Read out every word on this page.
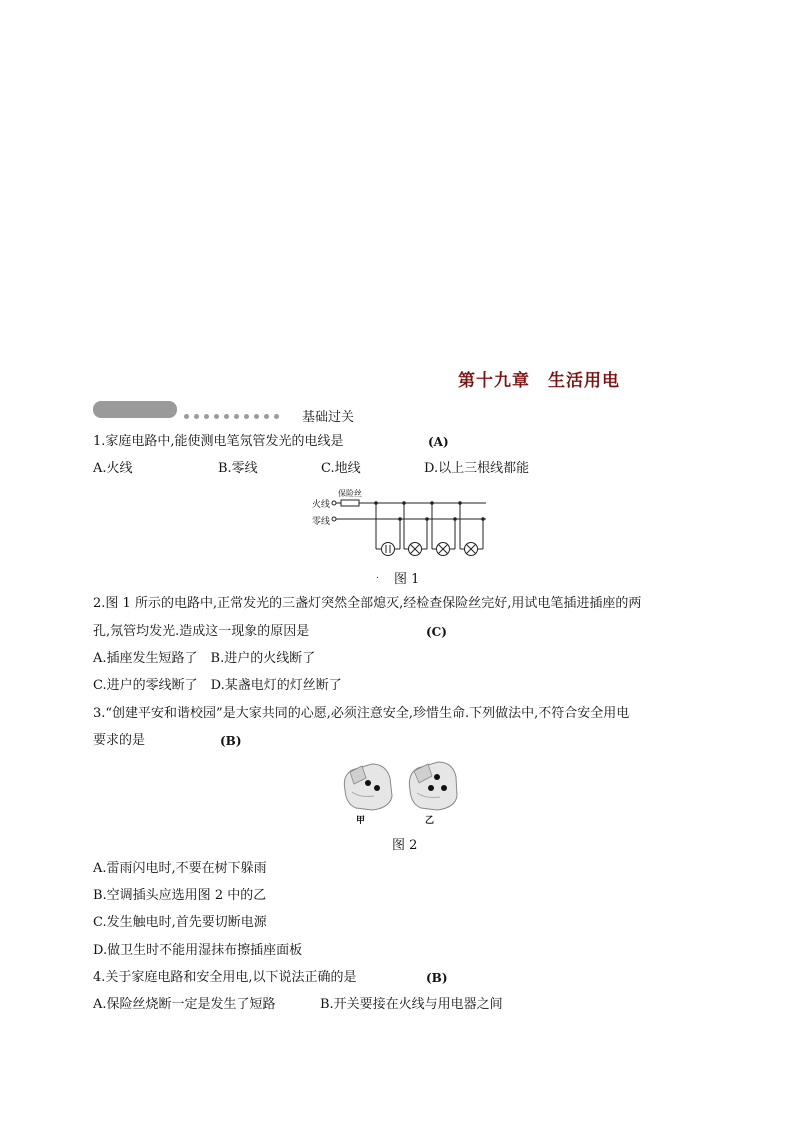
第十九章　生活用电
基础过关
1.家庭电路中,能使测电笔氖管发光的电线是	(A)
A.火线	B.零线	C.地线	D.以上三根线都能
火线
零线
保险丝
. 图 1
2.图 1 所示的电路中,正常发光的三盏灯突然全部熄灭,经检查保险丝完好,用试电笔插进插座的两
孔,氖管均发光.造成这一现象的原因是	(C)
A.插座发生短路了　B.进户的火线断了
C.进户的零线断了　D.某盏电灯的灯丝断了
3.“创建平安和谐校园”是大家共同的心愿,必须注意安全,珍惜生命.下列做法中,不符合安全用电
要求的是	(B)
甲	乙
图 2
A.雷雨闪电时,不要在树下躲雨
B.空调插头应选用图 2 中的乙
C.发生触电时,首先要切断电源
D.做卫生时不能用湿抹布擦插座面板
4.关于家庭电路和安全用电,以下说法正确的是	(B)
A.保险丝烧断一定是发生了短路	B.开关要接在火线与用电器之间
